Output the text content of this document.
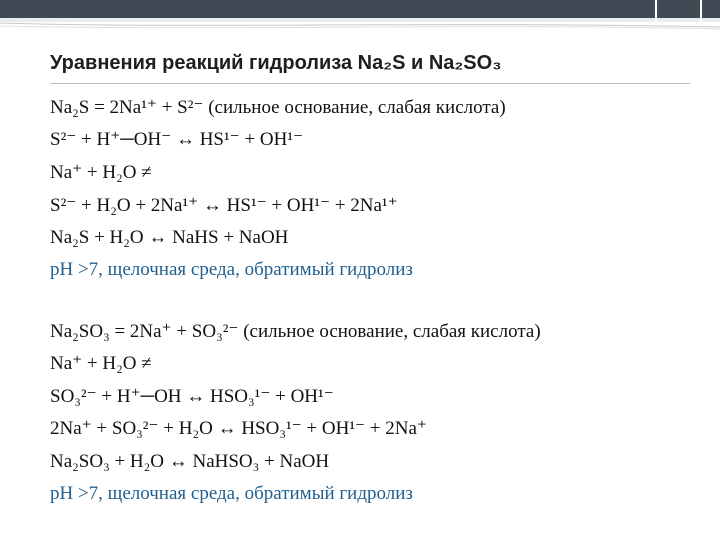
Уравнения реакций гидролиза Na₂S и Na₂SO₃
Na₂S = 2Na¹⁺ + S²⁻ (сильное основание, слабая кислота)
S²⁻ + H⁺─OH⁻ ↔ HS¹⁻ + OH¹⁻
Na⁺ + H₂O ≠
S²⁻ + H₂O + 2Na¹⁺ ↔ HS¹⁻ + OH¹⁻ + 2Na¹⁺
Na₂S + H₂O ↔ NaHS + NaOH
pH >7, щелочная среда, обратимый гидролиз
Na₂SO₃ = 2Na⁺ + SO₃²⁻ (сильное основание, слабая кислота)
Na⁺ + H₂O ≠
SO₃²⁻ + H⁺─OH ↔ HSO₃¹⁻ + OH¹⁻
2Na⁺ + SO₃²⁻ + H₂O ↔ HSO₃¹⁻ + OH¹⁻ + 2Na⁺
Na₂SO₃ + H₂O ↔ NaHSO₃ + NaOH
pH >7, щелочная среда, обратимый гидролиз
